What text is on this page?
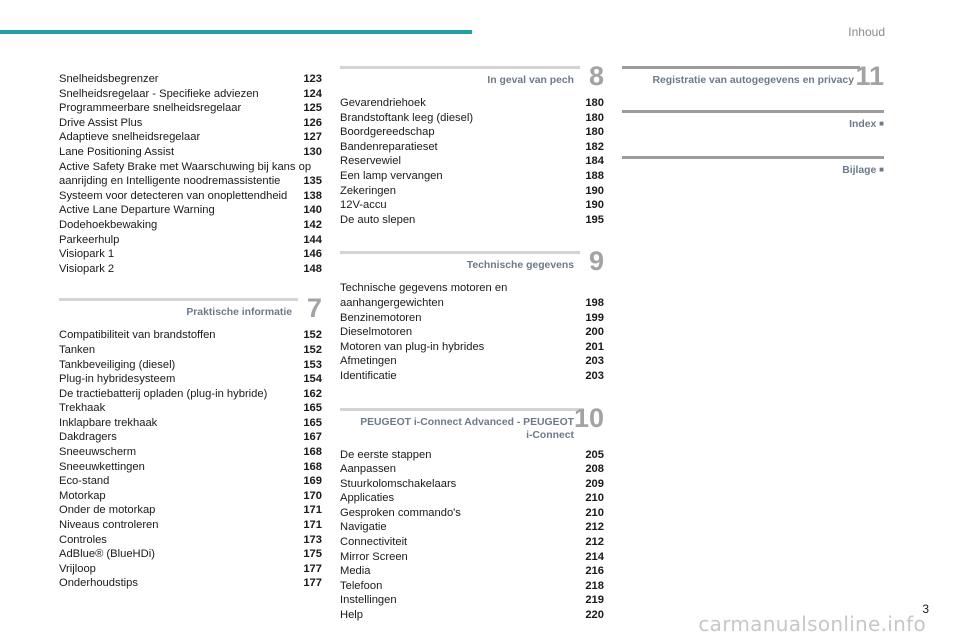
Inhoud
Snelheidsbegrenzer	123
Snelheidsregelaar - Specifieke adviezen	124
Programmeerbare snelheidsregelaar	125
Drive Assist Plus	126
Adaptieve snelheidsregelaar	127
Lane Positioning Assist	130
Active Safety Brake met Waarschuwing bij kans op
aanrijding en Intelligente noodremassistentie	135
Systeem voor detecteren van onoplettendheid	138
Active Lane Departure Warning	140
Dodehoekbewaking	142
Parkeerhulp	144
Visiopark 1	146
Visiopark 2	148
Praktische informatie 7
Compatibiliteit van brandstoffen	152
Tanken	152
Tankbeveiliging (diesel)	153
Plug-in hybridesysteem	154
De tractiebatterij opladen (plug-in hybride)	162
Trekhaak	165
Inklapbare trekhaak	165
Dakdragers	167
Sneeuwscherm	168
Sneeuwkettingen	168
Eco-stand	169
Motorkap	170
Onder de motorkap	171
Niveaus controleren	171
Controles	173
AdBlue® (BlueHDi)	175
Vrijloop	177
Onderhoudstips	177
In geval van pech 8
Gevarendriehoek	180
Brandstoftank leeg (diesel)	180
Boordgereedschap	180
Bandenreparatieset	182
Reservewiel	184
Een lamp vervangen	188
Zekeringen	190
12V-accu	190
De auto slepen	195
Technische gegevens 9
Technische gegevens motoren en
aanhangergewichten	198
Benzinemotoren	199
Dieselmotoren	200
Motoren van plug-in hybrides	201
Afmetingen	203
Identificatie	203
PEUGEOT i-Connect Advanced - PEUGEOT
i-Connect
10
De eerste stappen	205
Aanpassen	208
Stuurkolomschakelaars	209
Applicaties	210
Gesproken commando's	210
Navigatie	212
Connectiviteit	212
Mirror Screen	214
Media	216
Telefoon	218
Instellingen	219
Help	220
Registratie van autogegevens en privacy 11
Index ■
Bijlage ■
3
carmanualsonline.info
